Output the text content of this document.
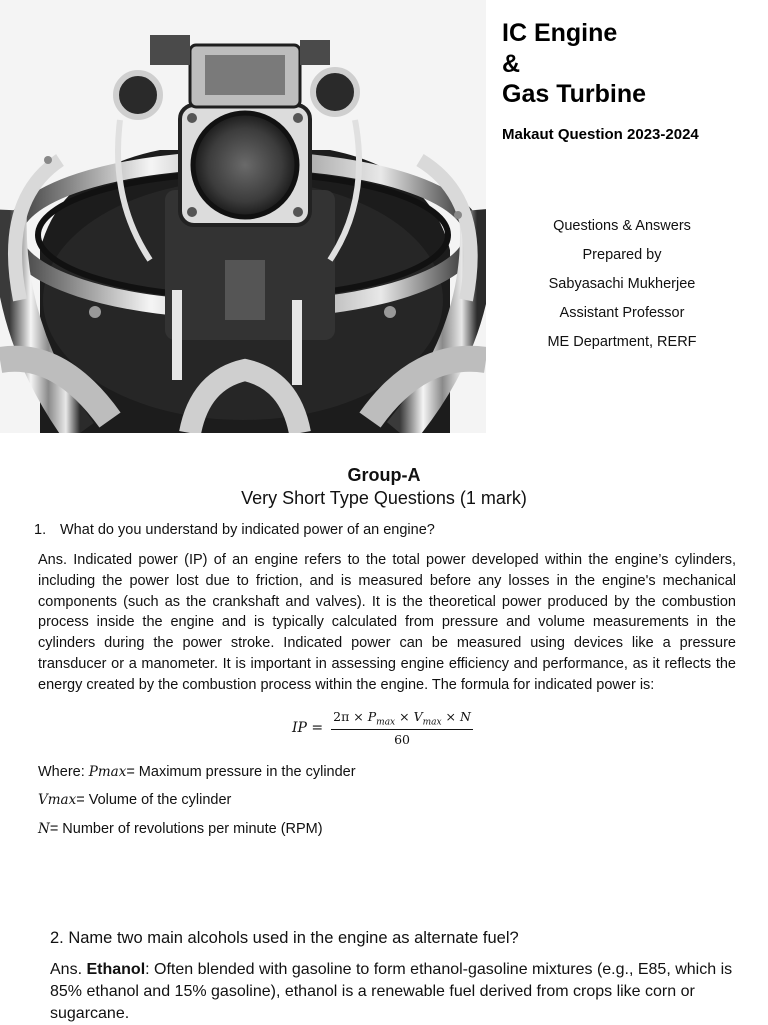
IC Engine
&
Gas Turbine
Makaut Question 2023-2024
Questions & Answers
Prepared by
Sabyasachi Mukherjee
Assistant Professor
ME Department, RERF
Group-A
Very Short Type Questions (1 mark)
1. What do you understand by indicated power of an engine?
Ans. Indicated power (IP) of an engine refers to the total power developed within the engine’s cylinders, including the power lost due to friction, and is measured before any losses in the engine's mechanical components (such as the crankshaft and valves). It is the theoretical power produced by the combustion process inside the engine and is typically calculated from pressure and volume measurements in the cylinders during the power stroke. Indicated power can be measured using devices like a pressure transducer or a manometer. It is important in assessing engine efficiency and performance, as it reflects the energy created by the combustion process within the engine. The formula for indicated power is:
IP = $\frac{2\pi \times P_{max} \times V_{max} \times N}{60}$
Where: Pmax= Maximum pressure in the cylinder
Vmax= Volume of the cylinder
N= Number of revolutions per minute (RPM)
2. Name two main alcohols used in the engine as alternate fuel?
Ans. Ethanol: Often blended with gasoline to form ethanol-gasoline mixtures (e.g., E85, which is 85% ethanol and 15% gasoline), ethanol is a renewable fuel derived from crops like corn or sugarcane.
